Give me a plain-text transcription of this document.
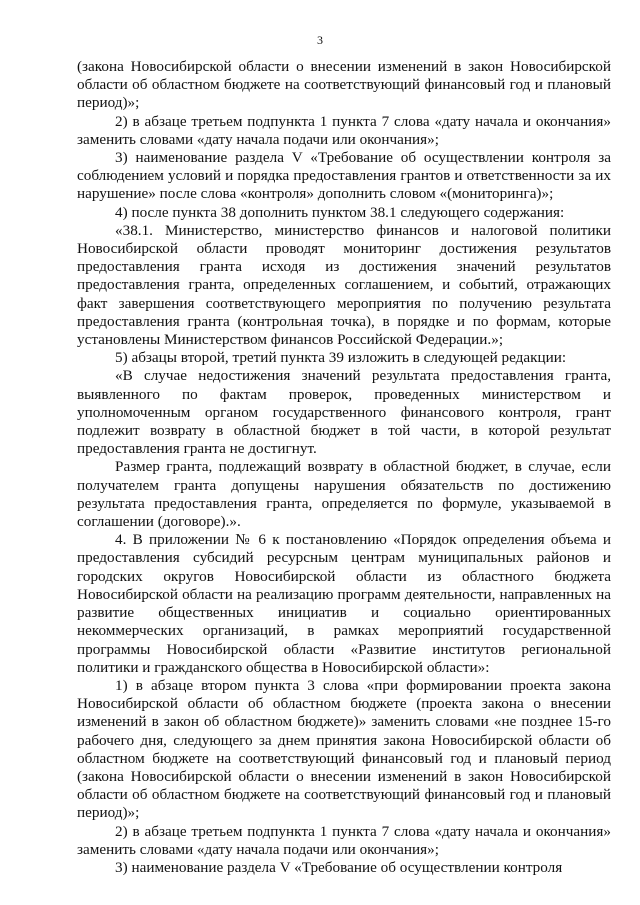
3

(закона Новосибирской области о внесении изменений в закон Новосибирской области об областном бюджете на соответствующий финансовый год и плановый период)»;

2) в абзаце третьем подпункта 1 пункта 7 слова «дату начала и окончания» заменить словами «дату начала подачи или окончания»;

3) наименование раздела V «Требование об осуществлении контроля за соблюдением условий и порядка предоставления грантов и ответственности за их нарушение» после слова «контроля» дополнить словом «(мониторинга)»;

4) после пункта 38 дополнить пунктом 38.1 следующего содержания:

«38.1. Министерство, министерство финансов и налоговой политики Новосибирской области проводят мониторинг достижения результатов предоставления гранта исходя из достижения значений результатов предоставления гранта, определенных соглашением, и событий, отражающих факт завершения соответствующего мероприятия по получению результата предоставления гранта (контрольная точка), в порядке и по формам, которые установлены Министерством финансов Российской Федерации.»;

5) абзацы второй, третий пункта 39 изложить в следующей редакции:

«В случае недостижения значений результата предоставления гранта, выявленного по фактам проверок, проведенных министерством и уполномоченным органом государственного финансового контроля, грант подлежит возврату в областной бюджет в той части, в которой результат предоставления гранта не достигнут.

Размер гранта, подлежащий возврату в областной бюджет, в случае, если получателем гранта допущены нарушения обязательств по достижению результата предоставления гранта, определяется по формуле, указываемой в соглашении (договоре).».

4. В приложении № 6 к постановлению «Порядок определения объема и предоставления субсидий ресурсным центрам муниципальных районов и городских округов Новосибирской области из областного бюджета Новосибирской области на реализацию программ деятельности, направленных на развитие общественных инициатив и социально ориентированных некоммерческих организаций, в рамках мероприятий государственной программы Новосибирской области «Развитие институтов региональной политики и гражданского общества в Новосибирской области»:

1) в абзаце втором пункта 3 слова «при формировании проекта закона Новосибирской области об областном бюджете (проекта закона о внесении изменений в закон об областном бюджете)» заменить словами «не позднее 15-го рабочего дня, следующего за днем принятия закона Новосибирской области об областном бюджете на соответствующий финансовый год и плановый период (закона Новосибирской области о внесении изменений в закон Новосибирской области об областном бюджете на соответствующий финансовый год и плановый период)»;

2) в абзаце третьем подпункта 1 пункта 7 слова «дату начала и окончания» заменить словами «дату начала подачи или окончания»;

3) наименование раздела V «Требование об осуществлении контроля
